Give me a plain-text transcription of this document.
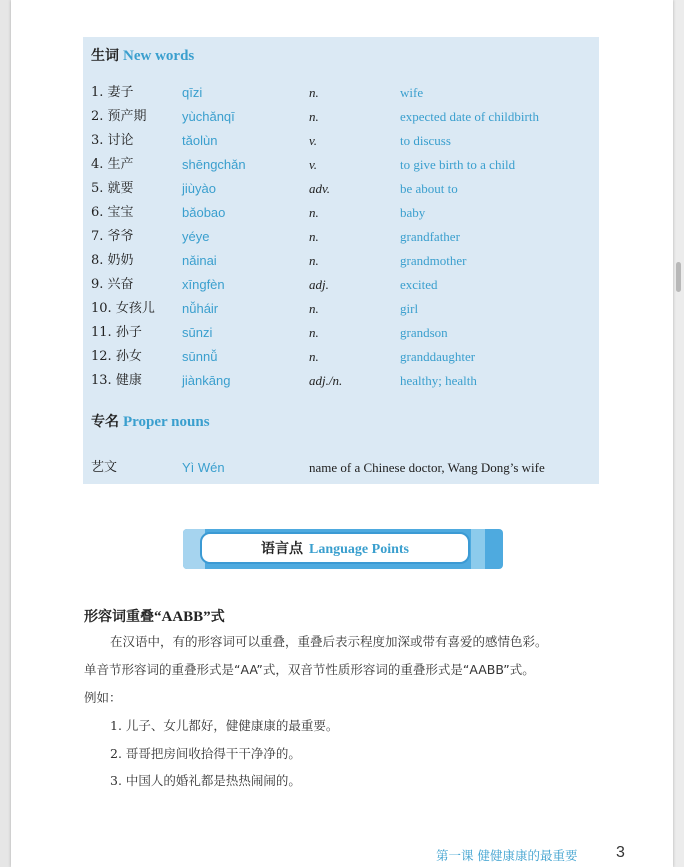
生词 New words
1. 妻子	qīzi	n.	wife
2. 预产期	yùchǎnqī	n.	expected date of childbirth
3. 讨论	tǎolùn	v.	to discuss
4. 生产	shēngchǎn	v.	to give birth to a child
5. 就要	jiùyào	adv.	be about to
6. 宝宝	bǎobao	n.	baby
7. 爷爷	yéye	n.	grandfather
8. 奶奶	nǎinai	n.	grandmother
9. 兴奋	xīngfèn	adj.	excited
10. 女孩儿 nǚháir	n.	girl
11. 孙子	sūnzi	n.	grandson
12. 孙女	sūnnǚ	n.	granddaughter
13. 健康	jiànkāng	adj./n.	healthy; health
专名 Proper nouns
艺文	Yì Wén	name of a Chinese doctor, Wang Dong’s wife
语言点 Language Points
形容词重叠“AABB”式
在汉语中，有的形容词可以重叠，重叠后表示程度加深或带有喜爱的感情色彩。
单音节形容词的重叠形式是“AA”式，双音节性质形容词的重叠形式是“AABB”式。
例如：
1. 儿子、女儿都好，健健康康的最重要。
2. 哥哥把房间收拾得干干净净的。
3. 中国人的婚礼都是热热闹闹的。
第一课 健健康康的最重要 3
